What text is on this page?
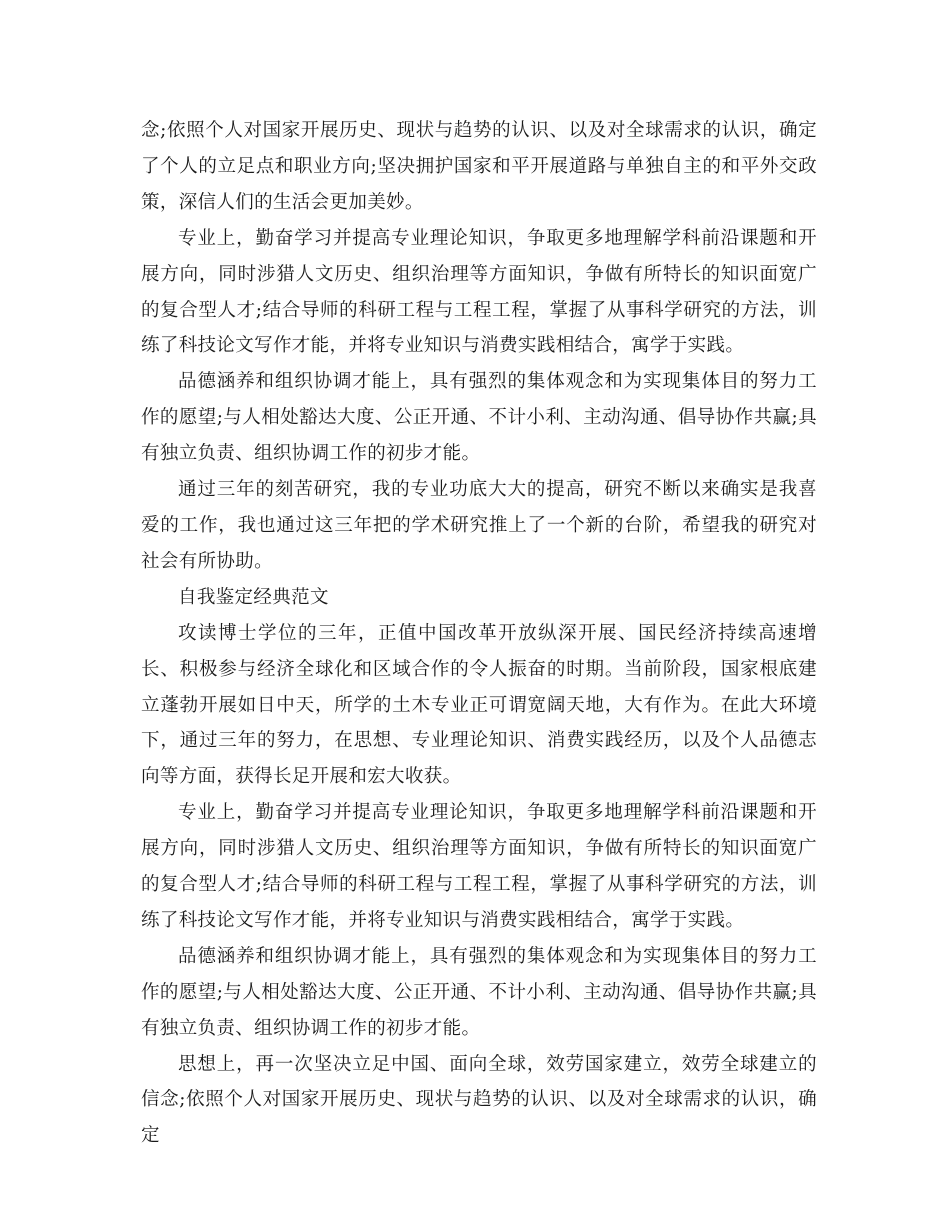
念;依照个人对国家开展历史、现状与趋势的认识、以及对全球需求的认识，确定了个人的立足点和职业方向;坚决拥护国家和平开展道路与单独自主的和平外交政策，深信人们的生活会更加美妙。

专业上，勤奋学习并提高专业理论知识，争取更多地理解学科前沿课题和开展方向，同时涉猎人文历史、组织治理等方面知识，争做有所特长的知识面宽广的复合型人才;结合导师的科研工程与工程工程，掌握了从事科学研究的方法，训练了科技论文写作才能，并将专业知识与消费实践相结合，寓学于实践。

品德涵养和组织协调才能上，具有强烈的集体观念和为实现集体目的努力工作的愿望;与人相处豁达大度、公正开通、不计小利、主动沟通、倡导协作共赢;具有独立负责、组织协调工作的初步才能。

通过三年的刻苦研究，我的专业功底大大的提高，研究不断以来确实是我喜爱的工作，我也通过这三年把的学术研究推上了一个新的台阶，希望我的研究对社会有所协助。

自我鉴定经典范文

攻读博士学位的三年，正值中国改革开放纵深开展、国民经济持续高速增长、积极参与经济全球化和区域合作的令人振奋的时期。当前阶段，国家根底建立蓬勃开展如日中天，所学的土木专业正可谓宽阔天地，大有作为。在此大环境下，通过三年的努力，在思想、专业理论知识、消费实践经历，以及个人品德志向等方面，获得长足开展和宏大收获。

专业上，勤奋学习并提高专业理论知识，争取更多地理解学科前沿课题和开展方向，同时涉猎人文历史、组织治理等方面知识，争做有所特长的知识面宽广的复合型人才;结合导师的科研工程与工程工程，掌握了从事科学研究的方法，训练了科技论文写作才能，并将专业知识与消费实践相结合，寓学于实践。

品德涵养和组织协调才能上，具有强烈的集体观念和为实现集体目的努力工作的愿望;与人相处豁达大度、公正开通、不计小利、主动沟通、倡导协作共赢;具有独立负责、组织协调工作的初步才能。

思想上，再一次坚决立足中国、面向全球，效劳国家建立，效劳全球建立的信念;依照个人对国家开展历史、现状与趋势的认识、以及对全球需求的认识，确定
